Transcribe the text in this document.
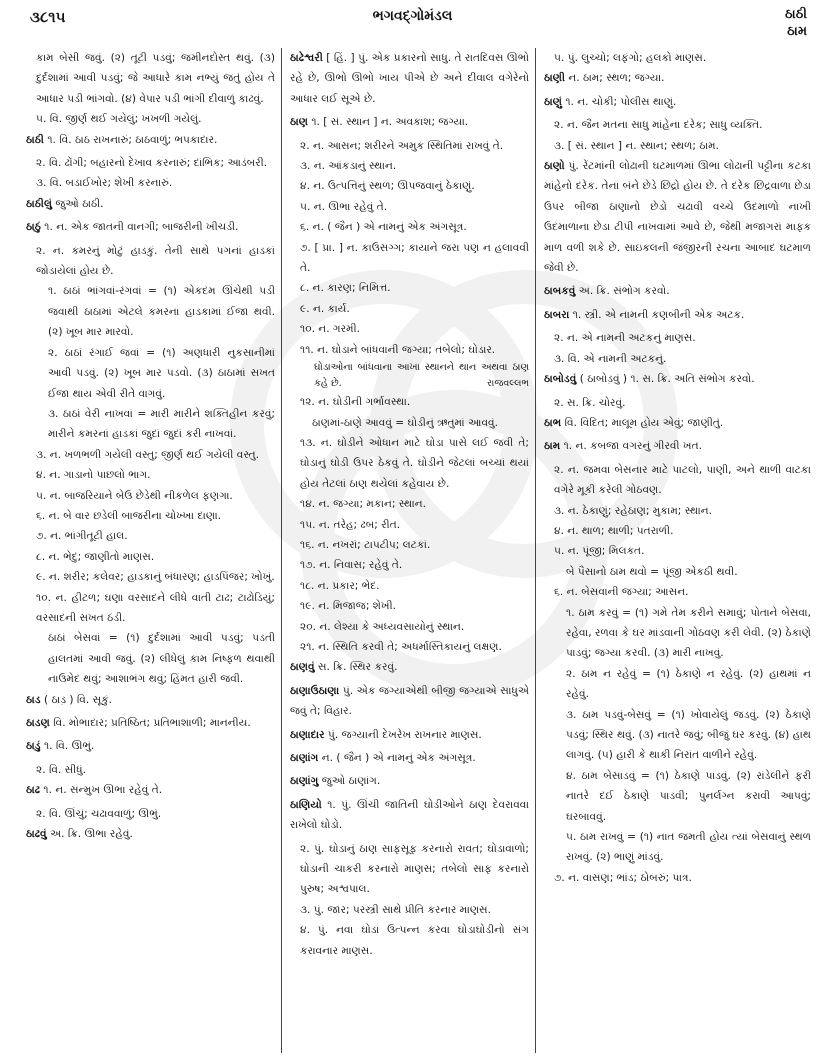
૩૮૧૫	ભગવદ્ગોમંડલ	ઠાઠી
ઠામ

કામ બેસી જવું. (૨) તૂટી પડવું; જમીનદોસ્ત થવું. (૩) દુર્દશામાં આવી પડવું; જે આધારે કામ નભ્યું જતું હોય તે આધાર પડી ભાંગવો. (૪) વેપાર પડી ભાંગી દીવાળું કાઢવું.

૫. વિ. જીર્ણ થઈ ગયેલું; ખખળી ગયેલું.

ઠાઠી ૧. વિ. ઠાઠ રાખનારું; ઠાઠવાળું; ભપકાદાર.

૨. વિ. ઢોંગી; બહારનો દેખાવ કરનારું; દાંભિક; આડંબરી.

૩. વિ. બડાઈખોર; શેખી કરનારું.

ઠાઠીલું જુઓ ઠાઠી.

ઠાઠું ૧. ન. એક જાતની વાનગી; બાજરીની ખીચડી.

૨. ન. કમરનું મોટું હાડકું. તેની સાથે પગનાં હાડકાં જોડાયેલાં હોય છે.

૧. ઠાઠાં ભાંગવાં-રંગવાં = (૧) એકદમ ઊંચેથી પડી જવાથી ઠાઠામાં એટલે કમરના હાડકામાં ઈજા થવી. (૨) ખૂબ માર મારવો.

૨. ઠાઠાં રંગાઈ જવાં = (૧) અણધારી નુકસાનીમાં આવી પડવું. (૨) ખૂબ માર પડવો. (૩) ઠાઠામાં સખત ઈજા થાય એવી રીતે વાગવું.

૩. ઠાઠાં વેરી નાખવાં = મારી મારીને શક્તિહીન કરવું; મારીને કમરનાં હાડકાં જુદાં જુદાં કરી નાખવાં.

૩. ન. ખળભળી ગયેલી વસ્તુ; જીર્ણ થઈ ગયેલી વસ્તુ.

૪. ન. ગાડાનો પાછલો ભાગ.

૫. ન. બાજરિયાને બેઉ છેડેથી નીકળેલ ફણગા.

૬. ન. બે વાર છડેલી બાજરીના ચોખ્ખા દાણા.

૭. ન. ભાંગીતૂટી હાલ.

૮. ન. ભેદુ; જાણીતો માણસ.

૯. ન. શરીર; કલેવર; હાડકાનું બંધારણ; હાડપિંજર; ખોખું.

૧૦. ન. હીટળ; ઘણા વરસાદને લીધે વાતી ટાઢ; ટાઢોડિયું; વરસાદની સખત ઠંડી.

ઠાઠાં બેસવાં = (૧) દુર્દશામાં આવી પડવું; પડતી હાલતમાં આવી જવું. (૨) લીધેલું કામ નિષ્ફળ થવાથી નાઉમેદ થવું; આશાભંગ થવું; હિંમત હારી જવી.

ઠાડ ( ઠાડ઼ ) વિ. સૂકું.

ઠાડણ વિ. મોભાદાર; પ્રતિષ્ઠિત; પ્રતિભાશાળી; માનનીય.

ઠાડું ૧. વિ. ઊભું.

૨. વિ. સીધું.

ઠાઢ ૧. ન. સન્મુખ ઊભા રહેવું તે.

૨. વિ. ઊંચું; ચઢાવવાળું; ઊભું.

ઠાઢવું અ. ક્રિ. ઊભા રહેવું.

ઠાઢેશ્વરી [ હિં. ] પું. એક પ્રકારનો સાધુ. તે રાતદિવસ ઊભો રહે છે, ઊભો ઊભો ખાય પીએ છે અને દીવાલ વગેરેનો આધાર લઈ સૂએ છે.

ઠાણ ૧. [ સં. સ્થાન ] ન. અવકાશ; જગ્યા.

૨. ન. આસન; શરીરને અમુક સ્થિતિમાં રાખવું તે.

૩. ન. આંકડાનું સ્થાન.

૪. ન. ઉત્પત્તિનું સ્થળ; ઊપજવાનું ઠેકાણું.

૫. ન. ઊભા રહેવું તે.

૬. ન. ( જૈન ) એ નામનું એક અંગસૂત્ર.

૭. [ પ્રા. ] ન. કાઉસગ્ગ; કાયાને જરા પણ ન હલાવવી તે.

૮. ન. કારણ; નિમિત્ત.

૯. ન. કાર્ય.

૧૦. ન. ગરમી.

૧૧. ન. ઘોડાને બાંધવાની જગ્યા; તબેલો; ઘોડાર.

ઘોડાઓના બાંધવાના આખા સ્થાનને થાન અથવા ઠાણ કહે છે.	રાજવલ્લભ

૧૨. ન. ઘોડીની ગર્ભાવસ્થા.

ઠાણમાં-ઠાણે આવવું = ઘોડીનું ઋતુમાં આવવું.

૧૩. ન. ઘોડીને ઓધાન માટે ઘોડા પાસે લઈ જવી તે; ઘોડાનું ઘોડી ઉપર ઠેકવું તે. ઘોડીને જેટલાં બચ્ચાં થયાં હોય તેટલાં ઠાણ થયેલાં કહેવાય છે.

૧૪. ન. જગ્યા; મકાન; સ્થાન.

૧૫. ન. તરેહ; ઢબ; રીત.

૧૬. ન. નખરાં; ટાપટીપ; લટકાં.

૧૭. ન. નિવાસ; રહેવું તે.

૧૮. ન. પ્રકાર; ભેદ.

૧૯. ન. મિજાજ; શેખી.

૨૦. ન. લેશ્યા કે અધ્યવસાયોનું સ્થાન.

૨૧. ન. સ્થિતિ કરવી તે; અધર્માસ્તિકાયનું લક્ષણ.

ઠાણવું સ. ક્રિ. સ્થિર કરવું.

ઠાણાઉઠાણા પું. એક જગ્યાએથી બીજી જગ્યાએ સાધુએ જવું તે; વિહાર.

ઠાણાદાર પું. જગ્યાની દેખરેખ રાખનાર માણસ.

ઠાણાંગ ન. ( જૈન ) એ નામનું એક અંગસૂત્ર.

ઠાણાંગુ જુઓ ઠાણાંગ.

ઠાણિયો ૧. પું. ઊંચી જાતિની ઘોડીઓને ઠાણ દેવરાવવા રાખેલો ઘોડો.

૨. પું. ઘોડાનું ઠાણ સાફસૂફ કરનારો રાવત; ઘોડાવાળો; ઘોડાની ચાકરી કરનારો માણસ; તબેલો સાફ કરનારો પુરુષ; અશ્વપાલ.

૩. પું. જાર; પરસ્ત્રી સાથે પ્રીતિ કરનાર માણસ.

૪. પું. નવા ઘોડા ઉત્પન્ન કરવા ઘોડાઘોડીનો સંગ કરાવનાર માણસ.

૫. પું. લુચ્ચો; લફંગો; હલકો માણસ.

ઠાણી ન. ઠામ; સ્થળ; જગ્યા.

ઠાણું ૧. ન. ચોકી; પોલીસ થાણું.

૨. ન. જૈન મતના સાધુ માંહેના દરેક; સાધુ વ્યક્તિ.

૩. [ સં. સ્થાન ] ન. સ્થાન; સ્થળ; ઠામ.

ઠાણો પું. રેંટમાંની લોઢાની ઘટમાળમાં ઊભા લોઢાની પટ્ટીના કટકા માંહેનો દરેક. તેના બંને છેડે છિદ્રો હોય છે. તે દરેક છિદ્રવાળા છેડા ઉપર બીજા ઠાણાનો છેડો ચઢાવી વચ્ચે ઉદમાળો નાખી ઉદમાળાના છેડા ટીપી નાખવામાં આવે છે, જેથી મજાગરાં માફક માળ વળી શકે છે. સાઇકલની જંજીરની રચના આબાદ ઘટમાળ જેવી છે.

ઠાબકવું અ. ક્રિ. સંભોગ કરવો.

ઠાબરા ૧. સ્ત્રી. એ નામની કણબીની એક અટક.

૨. ન. એ નામની અટકનું માણસ.

૩. વિ. એ નામની અટકનું.

ઠાબોડવું ( ઠાબોડ઼વું ) ૧. સ. ક્રિ. અતિ સંભોગ કરવો.

૨. સ. ક્રિ. ચોરવું.

ઠાભ વિ. વિદિત; માલૂમ હોય એવું; જાણીતું.

ઠામ ૧. ન. કબજા વગરનું ગીરવી ખત.

૨. ન. જમવા બેસનાર માટે પાટલો, પાણી, અને થાળી વાટકા વગેરે મૂકી કરેલી ગોઠવણ.

૩. ન. ઠેકાણું; રહેઠાણ; મુકામ; સ્થાન.

૪. ન. થાળ; થાળી; પતરાળી.

૫. ન. પૂંજી; મિલકત.

બે પૈસાનો ઠામ થવો = પૂંજી એકઠી થવી.

૬. ન. બેસવાની જગ્યા; આસન.

૧. ઠામ કરવું = (૧) ગમે તેમ કરીને સમાવું; પોતાને બેસવા, રહેવા, રળવા કે ઘર માંડવાની ગોઠવણ કરી લેવી. (૨) ઠેકાણે પાડવું; જગ્યા કરવી. (૩) મારી નાખવું.

૨. ઠામ ન રહેવું = (૧) ઠેકાણે ન રહેવું. (૨) હાથમાં ન રહેવું.

૩. ઠામ પડવું-બેસવું = (૧) ખોવાયેલું જડવું. (૨) ઠેકાણે પડવું; સ્થિર થવું. (૩) નાતરે જવું; બીજું ઘર કરવું. (૪) હાથ લાગવું. (૫) હારી કે થાકી નિરાંત વાળીને રહેવું.

૪. ઠામ બેસાડવું = (૧) ઠેકાણે પાડવું. (૨) રાંડેલીને ફરી નાતરે દઈ ઠેકાણે પાડવી; પુનર્લગ્ન કરાવી આપવું; ઘરબાવવું.

૫. ઠામ રાખવું = (૧) નાત જમતી હોય ત્યાં બેસવાનું સ્થળ રાખવું. (૨) ભાણું માંડવું.

૭. ન. વાસણ; ભાંડ; ઠોબરું; પાત્ર.
